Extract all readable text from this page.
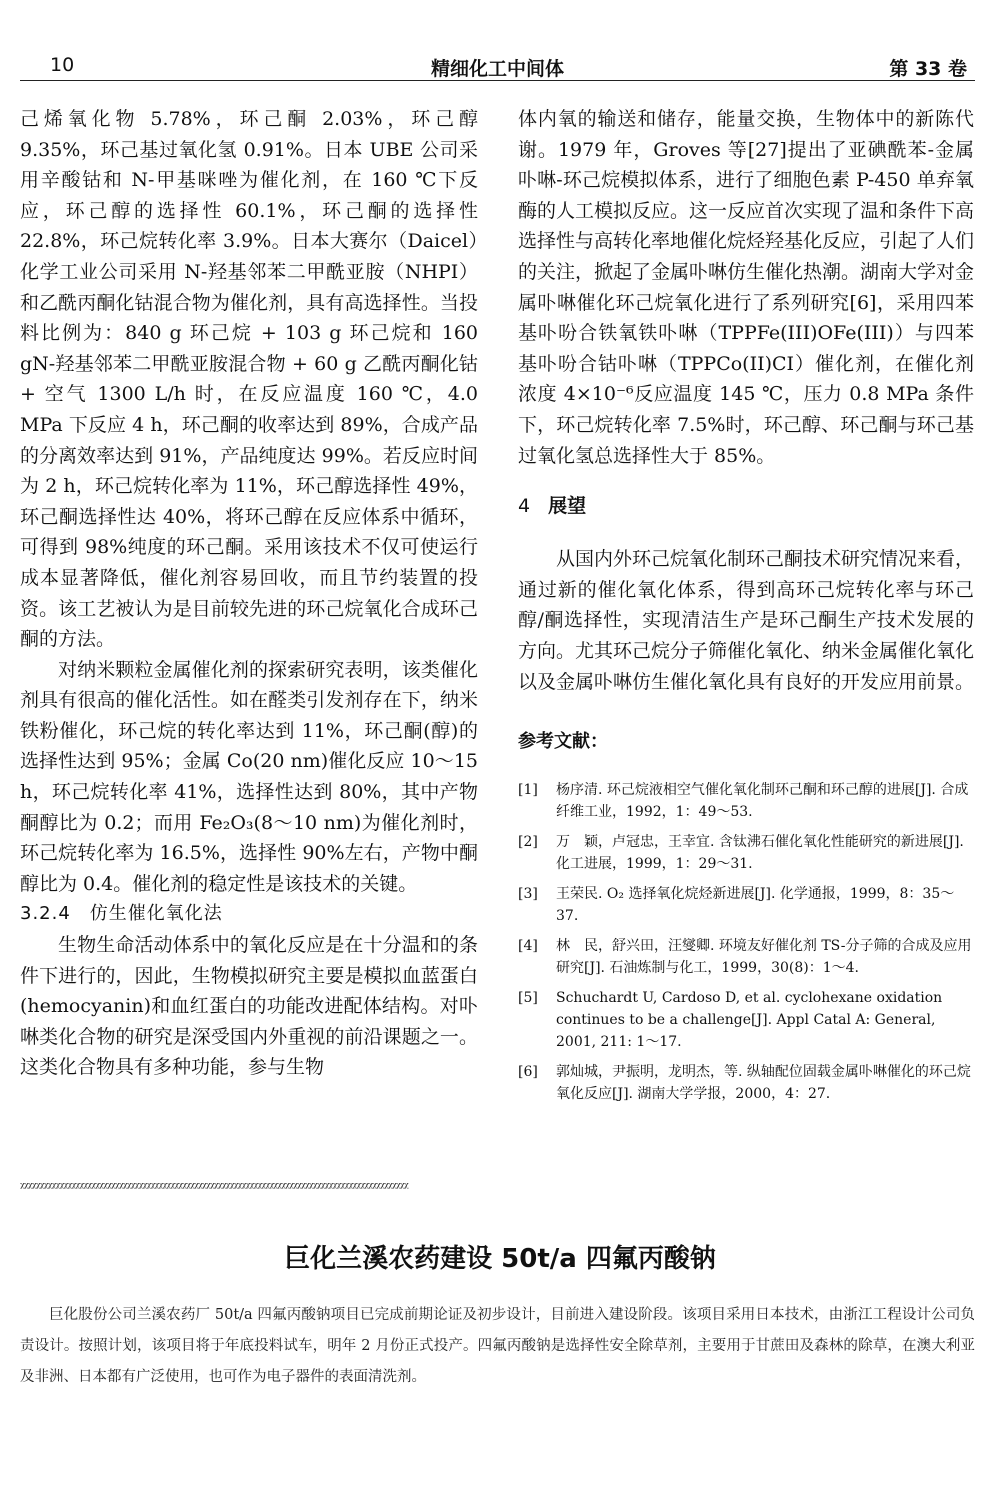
10	精细化工中间体	第 33 卷

己烯氧化物 5.78%，环己酮 2.03%，环己醇 9.35%，环己基过氧化氢 0.91%。日本 UBE 公司采用辛酸钴和 N-甲基咪唑为催化剂，在 160 ℃下反应，环己醇的选择性 60.1%，环己酮的选择性 22.8%，环己烷转化率 3.9%。日本大赛尔（Daicel）化学工业公司采用 N-羟基邻苯二甲酰亚胺（NHPI）和乙酰丙酮化钴混合物为催化剂，具有高选择性。当投料比例为：840 g 环己烷 + 103 g 环己烷和 160 gN-羟基邻苯二甲酰亚胺混合物 + 60 g 乙酰丙酮化钴 + 空气 1300 L/h 时，在反应温度 160 ℃，4.0 MPa 下反应 4 h，环己酮的收率达到 89%，合成产品的分离效率达到 91%，产品纯度达 99%。若反应时间为 2 h，环己烷转化率为 11%，环己醇选择性 49%，环己酮选择性达 40%，将环己醇在反应体系中循环，可得到 98%纯度的环己酮。采用该技术不仅可使运行成本显著降低，催化剂容易回收，而且节约装置的投资。该工艺被认为是目前较先进的环己烷氧化合成环己酮的方法。

对纳米颗粒金属催化剂的探索研究表明，该类催化剂具有很高的催化活性。如在醛类引发剂存在下，纳米铁粉催化，环己烷的转化率达到 11%，环己酮(醇)的选择性达到 95%；金属 Co(20 nm)催化反应 10～15 h，环己烷转化率 41%，选择性达到 80%，其中产物酮醇比为 0.2；而用 Fe₂O₃(8～10 nm)为催化剂时，环己烷转化率为 16.5%，选择性 90%左右，产物中酮醇比为 0.4。催化剂的稳定性是该技术的关键。

3.2.4　仿生催化氧化法

生物生命活动体系中的氧化反应是在十分温和的条件下进行的，因此，生物模拟研究主要是模拟血蓝蛋白(hemocyanin)和血红蛋白的功能改进配体结构。对卟啉类化合物的研究是深受国内外重视的前沿课题之一。这类化合物具有多种功能，参与生物

体内氧的输送和储存，能量交换，生物体中的新陈代谢。1979 年，Groves 等[27]提出了亚碘酰苯-金属卟啉-环己烷模拟体系，进行了细胞色素 P-450 单弃氧酶的人工模拟反应。这一反应首次实现了温和条件下高选择性与高转化率地催化烷烃羟基化反应，引起了人们的关注，掀起了金属卟啉仿生催化热潮。湖南大学对金属卟啉催化环己烷氧化进行了系列研究[6]，采用四苯基卟吩合铁氧铁卟啉（TPPFe(III)OFe(III)）与四苯基卟吩合钴卟啉（TPPCo(II)CI）催化剂，在催化剂浓度 4×10⁻⁶反应温度 145 ℃，压力 0.8 MPa 条件下，环己烷转化率 7.5%时，环己醇、环己酮与环己基过氧化氢总选择性大于 85%。

4 展望

从国内外环己烷氧化制环己酮技术研究情况来看，通过新的催化氧化体系，得到高环己烷转化率与环己醇/酮选择性，实现清洁生产是环己酮生产技术发展的方向。尤其环己烷分子筛催化氧化、纳米金属催化氧化以及金属卟啉仿生催化氧化具有良好的开发应用前景。

参考文献：
[1] 杨序清. 环己烷液相空气催化氧化制环己酮和环己醇的进展[J]. 合成纤维工业，1992，1：49～53.
[2] 万　颖，卢冠忠，王幸宜. 含钛沸石催化氧化性能研究的新进展[J]. 化工进展，1999，1：29～31.
[3] 王荣民. O₂ 选择氧化烷烃新进展[J]. 化学通报，1999，8：35～37.
[4] 林　民，舒兴田，汪燮卿. 环境友好催化剂 TS-分子筛的合成及应用研究[J]. 石油炼制与化工，1999，30(8)：1～4.
[5] Schuchardt U, Cardoso D, et al. cyclohexane oxidation continues to be a challenge[J]. Appl Catal A: General, 2001, 211: 1～17.
[6] 郭灿城，尹振明，龙明杰，等. 纵轴配位固载金属卟啉催化的环己烷氧化反应[J]. 湖南大学学报，2000，4：27.
ᵪᵪᵪᵪᵪᵪᵪᵪᵪᵪᵪᵪᵪᵪᵪᵪᵪᵪᵪᵪᵪᵪᵪᵪᵪᵪᵪᵪᵪᵪᵪᵪᵪᵪᵪᵪᵪᵪᵪᵪᵪᵪᵪᵪᵪᵪᵪᵪᵪᵪᵪᵪᵪᵪᵪᵪᵪᵪᵪᵪᵪᵪᵪᵪᵪᵪᵪᵪᵪᵪᵪᵪᵪᵪᵪᵪᵪᵪᵪᵪᵪᵪᵪᵪᵪᵪᵪᵪᵪᵪᵪᵪᵪᵪᵪᵪᵪᵪ
巨化兰溪农药建设 50t/a 四氟丙酸钠

巨化股份公司兰溪农药厂 50t/a 四氟丙酸钠项目已完成前期论证及初步设计，目前进入建设阶段。该项目采用日本技术，由浙江工程设计公司负责设计。按照计划，该项目将于年底投料试车，明年 2 月份正式投产。四氟丙酸钠是选择性安全除草剂，主要用于甘蔗田及森林的除草，在澳大利亚及非洲、日本都有广泛使用，也可作为电子器件的表面清洗剂。
